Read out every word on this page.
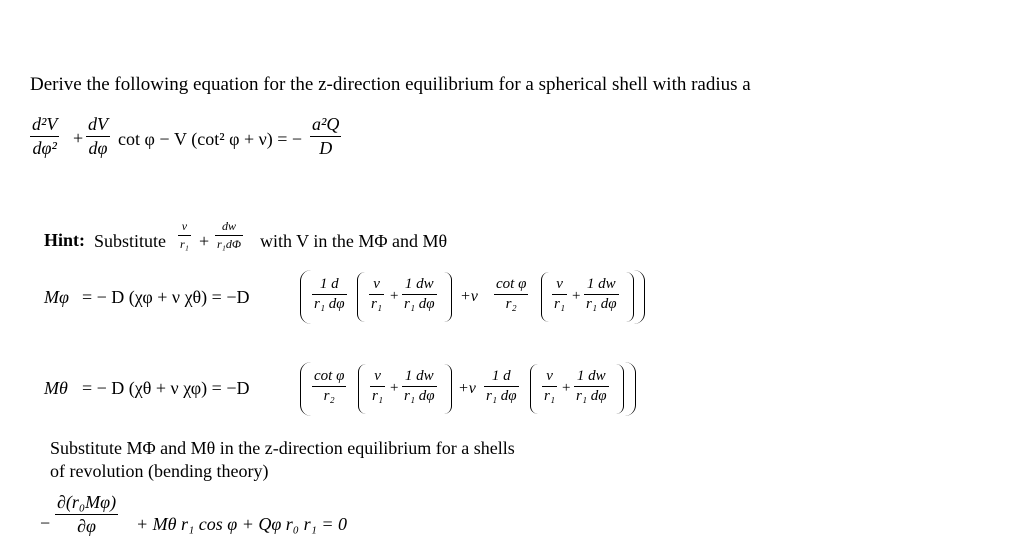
Derive the following equation for the z-direction equilibrium for a spherical shell with radius a
d²V
dφ² +
dV
dφ cot φ − V (cot² φ + ν) = −
a²Q
D
Hint: Substitute
v
r₁ +
dw
r₁dΦ with V in the MΦ and Mθ
Mφ = − D (χφ + ν χθ) = −D
1 d
r₁ dφ
v
r₁ +
1 dw
r₁ dφ +ν
cot φ
r₂
v
r₁ +
1 dw
r₁ dφ
Mθ = − D (χθ + ν χφ) = −D
cot φ
r₂
v
r₁ +
1 dw
r₁ dφ +ν
1 d
r₁ dφ
v
r₁ +
1 dw
r₁ dφ
Substitute MΦ and Mθ in the z-direction equilibrium for a shells
of revolution (bending theory)
−
∂(r₀Mφ)
∂φ + Mθ r₁ cos φ + Qφ r₀ r₁ = 0
